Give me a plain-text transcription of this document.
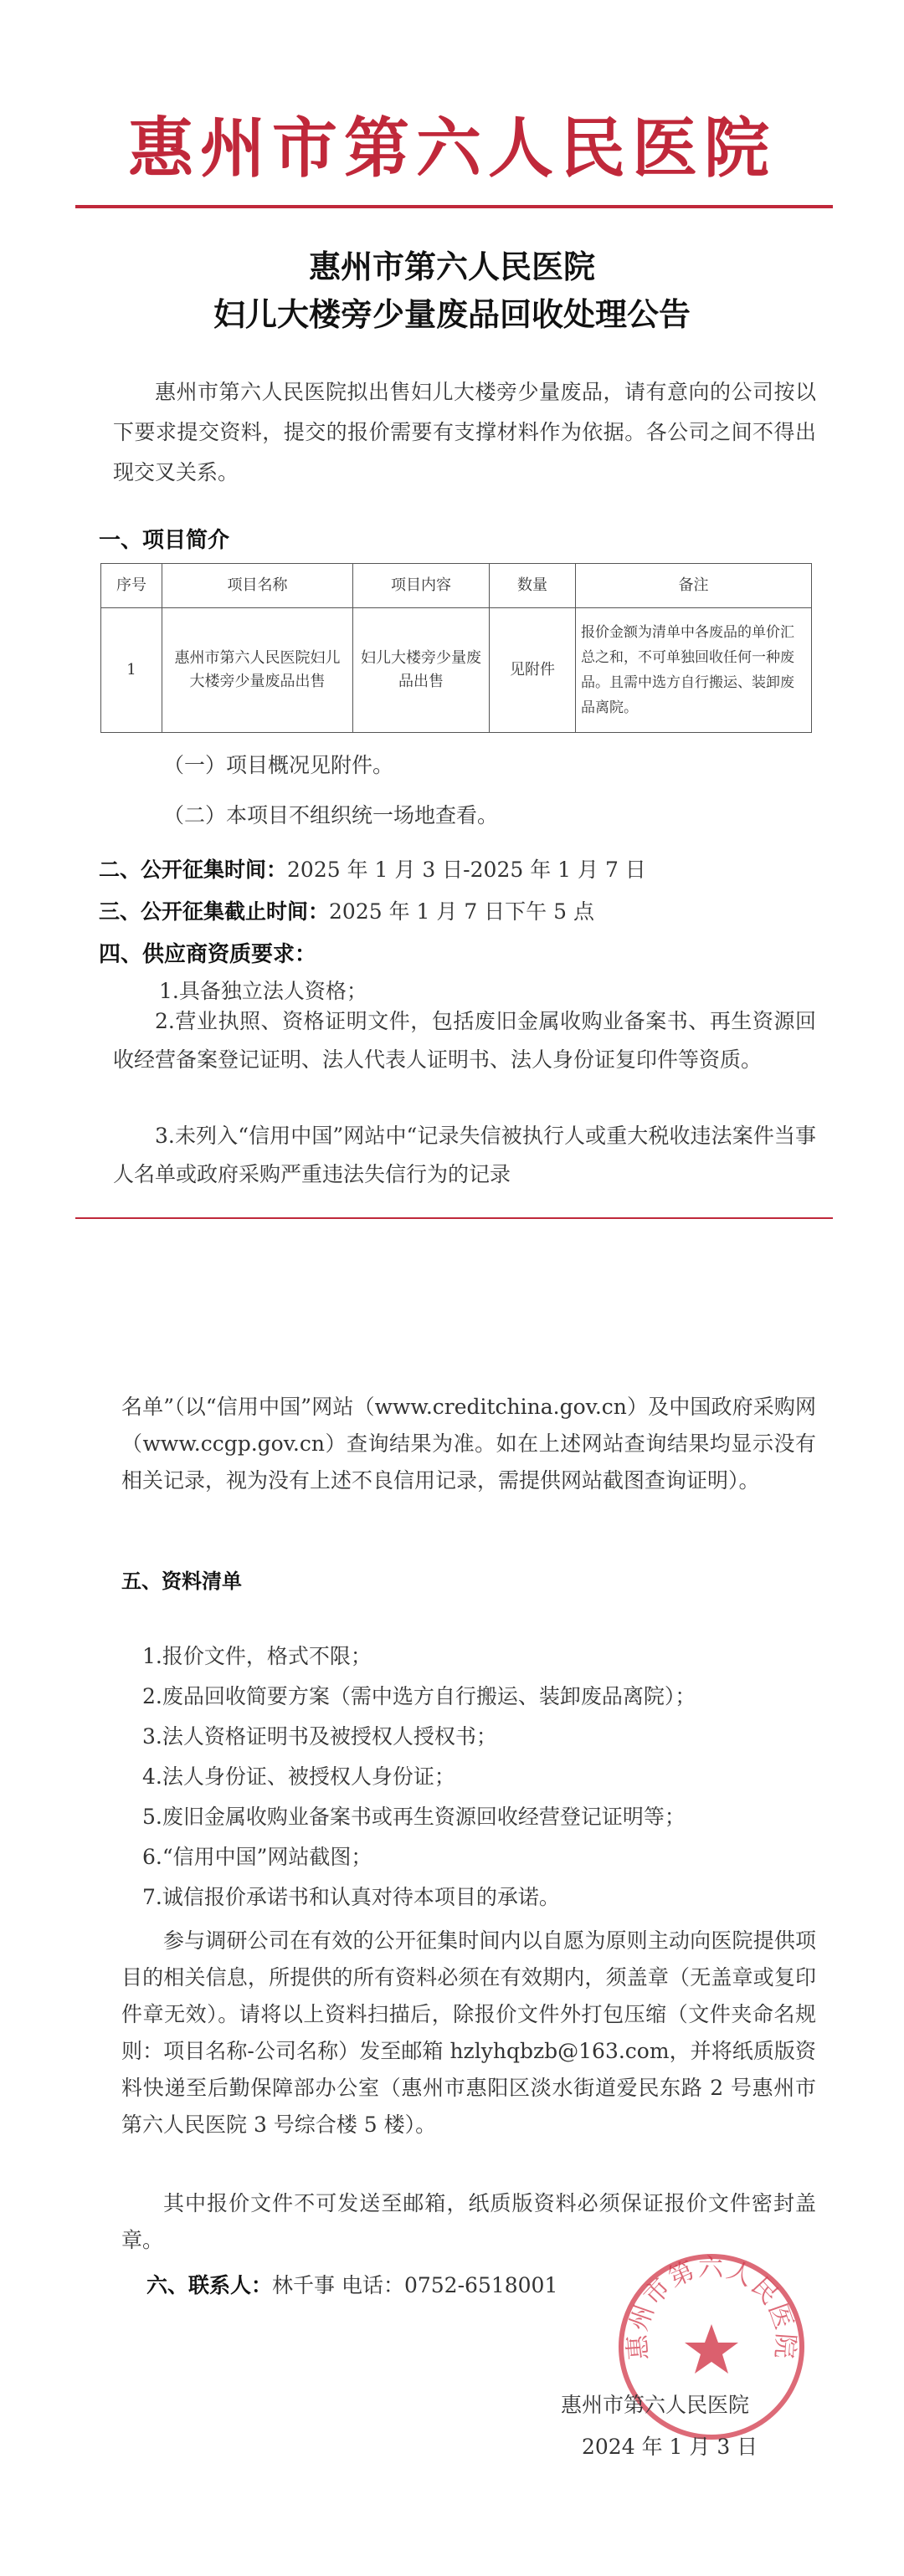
惠州市第六人民医院
惠州市第六人民医院
妇儿大楼旁少量废品回收处理公告
惠州市第六人民医院拟出售妇儿大楼旁少量废品，请有意向的公司按以下要求提交资料，提交的报价需要有支撑材料作为依据。各公司之间不得出现交叉关系。
一、项目简介
序号	项目名称	项目内容	数量	备注
1	惠州市第六人民医院妇儿大楼旁少量废品出售	妇儿大楼旁少量废品出售	见附件	报价金额为清单中各废品的单价汇总之和，不可单独回收任何一种废品。且需中选方自行搬运、装卸废品离院。
（一）项目概况见附件。
（二）本项目不组织统一场地查看。
二、公开征集时间：2025 年 1 月 3 日-2025 年 1 月 7 日
三、公开征集截止时间：2025 年 1 月 7 日下午 5 点
四、供应商资质要求：
1.具备独立法人资格；
2.营业执照、资格证明文件，包括废旧金属收购业备案书、再生资源回收经营备案登记证明、法人代表人证明书、法人身份证复印件等资质。
3.未列入“信用中国”网站中“记录失信被执行人或重大税收违法案件当事人名单或政府采购严重违法失信行为的记录
名单”（以“信用中国”网站（www.creditchina.gov.cn）及中国政府采购网（www.ccgp.gov.cn）查询结果为准。如在上述网站查询结果均显示没有相关记录，视为没有上述不良信用记录，需提供网站截图查询证明）。
五、资料清单
1.报价文件，格式不限；
2.废品回收简要方案（需中选方自行搬运、装卸废品离院）；
3.法人资格证明书及被授权人授权书；
4.法人身份证、被授权人身份证；
5.废旧金属收购业备案书或再生资源回收经营登记证明等；
6.“信用中国”网站截图；
7.诚信报价承诺书和认真对待本项目的承诺。
参与调研公司在有效的公开征集时间内以自愿为原则主动向医院提供项目的相关信息，所提供的所有资料必须在有效期内，须盖章（无盖章或复印件章无效）。请将以上资料扫描后，除报价文件外打包压缩（文件夹命名规则：项目名称-公司名称）发至邮箱 hzlyhqbzb@163.com，并将纸质版资料快递至后勤保障部办公室（惠州市惠阳区淡水街道爱民东路 2 号惠州市第六人民医院 3 号综合楼 5 楼）。
其中报价文件不可发送至邮箱，纸质版资料必须保证报价文件密封盖章。
六、联系人：林千事 电话：0752-6518001
惠州市第六人民医院
惠州市第六人民医院
2024 年 1 月 3 日
